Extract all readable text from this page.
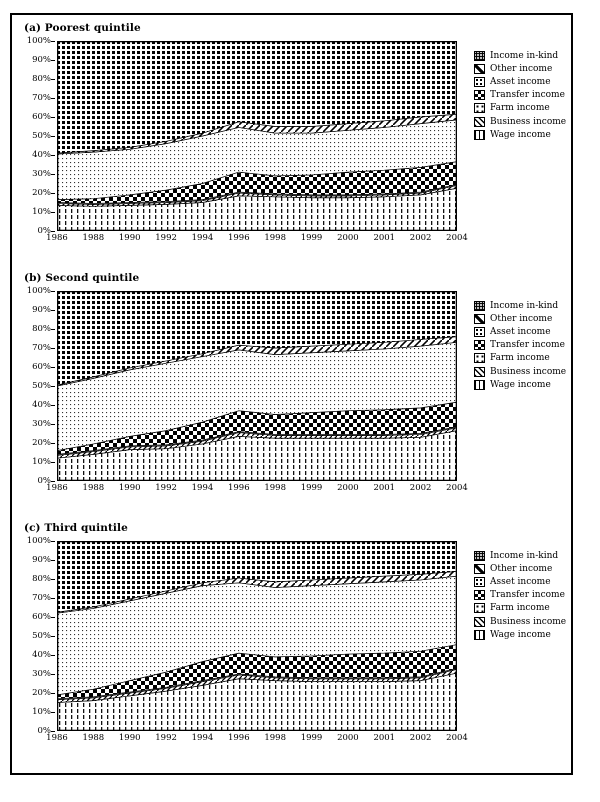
(a) Poorest quintile
0%
10%
20%
30%
40%
50%
60%
70%
80%
90%
100%
1986 1988 1990 1992 1994 1996 1998 1999 2000 2001 2002 2004
Income in-kind
Other income
Asset income
Transfer income
Farm income
Business income
Wage income
(b) Second quintile
0%
10%
20%
30%
40%
50%
60%
70%
80%
90%
100%
1986 1988 1990 1992 1994 1996 1998 1999 2000 2001 2002 2004
Income in-kind
Other income
Asset income
Transfer income
Farm income
Business income
Wage income
(c) Third quintile
0%
10%
20%
30%
40%
50%
60%
70%
80%
90%
100%
1986 1988 1990 1992 1994 1996 1998 1999 2000 2001 2002 2004
Income in-kind
Other income
Asset income
Transfer income
Farm income
Business income
Wage income
